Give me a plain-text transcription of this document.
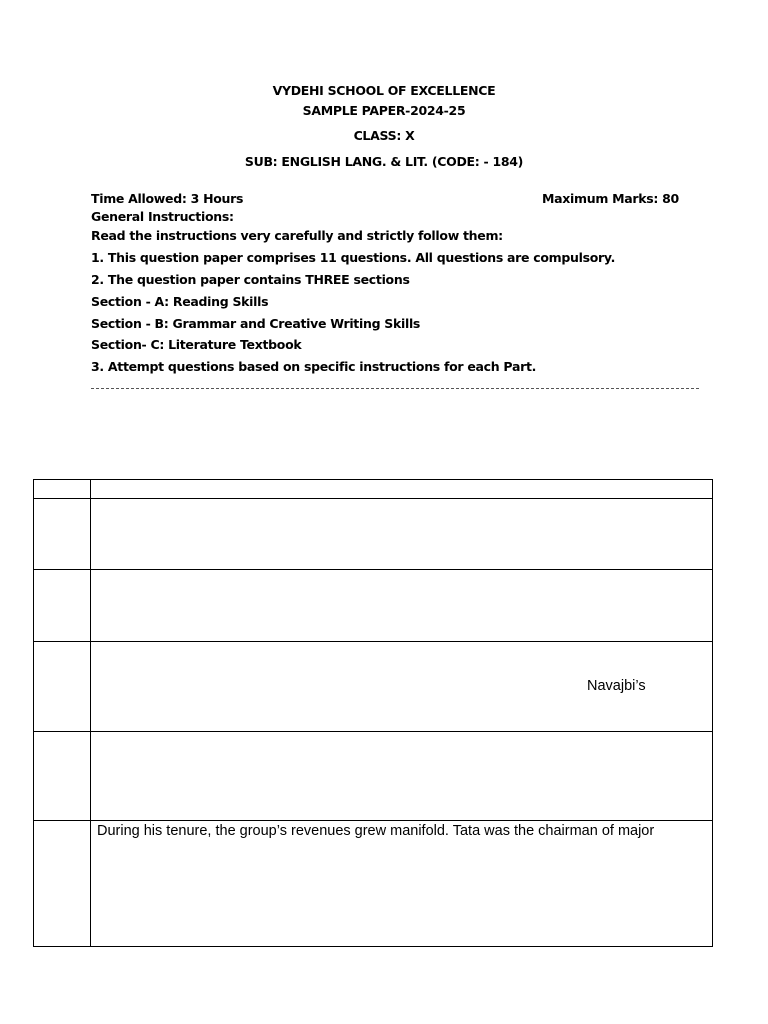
VYDEHI SCHOOL OF EXCELLENCE
SAMPLE PAPER-2024-25
CLASS: X
SUB: ENGLISH LANG. & LIT. (CODE: - 184)
Time Allowed: 3 Hours	Maximum Marks: 80
General Instructions:
Read the instructions very carefully and strictly follow them:
1. This question paper comprises 11 questions. All questions are compulsory.
2. The question paper contains THREE sections
Section - A: Reading Skills
Section - B: Grammar and Creative Writing Skills
Section- C: Literature Textbook
3. Attempt questions based on specific instructions for each Part.

	Navajbi’s

	During his tenure, the group’s revenues grew manifold. Tata was the chairman of major
